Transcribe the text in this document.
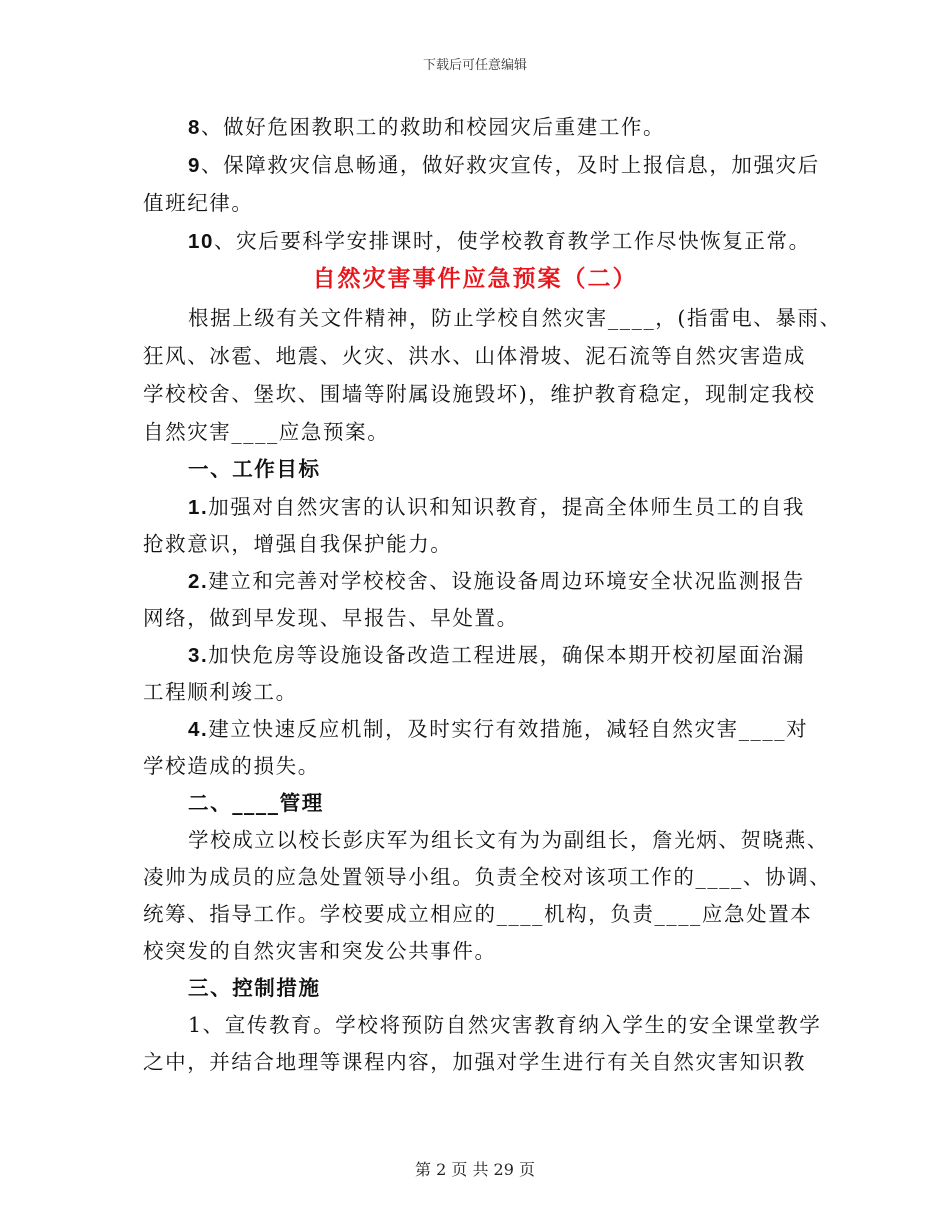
下载后可任意编辑
8、做好危困教职工的救助和校园灾后重建工作。
9、保障救灾信息畅通，做好救灾宣传，及时上报信息，加强灾后
值班纪律。
10、灾后要科学安排课时，使学校教育教学工作尽快恢复正常。
自然灾害事件应急预案（二）
根据上级有关文件精神，防止学校自然灾害____，(指雷电、暴雨、
狂风、冰雹、地震、火灾、洪水、山体滑坡、泥石流等自然灾害造成
学校校舍、堡坎、围墙等附属设施毁坏)，维护教育稳定，现制定我校
自然灾害____应急预案。
一、工作目标
1.加强对自然灾害的认识和知识教育，提高全体师生员工的自我
抢救意识，增强自我保护能力。
2.建立和完善对学校校舍、设施设备周边环境安全状况监测报告
网络，做到早发现、早报告、早处置。
3.加快危房等设施设备改造工程进展，确保本期开校初屋面治漏
工程顺利竣工。
4.建立快速反应机制，及时实行有效措施，减轻自然灾害____对
学校造成的损失。
二、____管理
学校成立以校长彭庆军为组长文有为为副组长，詹光炳、贺晓燕、
凌帅为成员的应急处置领导小组。负责全校对该项工作的____、协调、
统筹、指导工作。学校要成立相应的____机构，负责____应急处置本
校突发的自然灾害和突发公共事件。
三、控制措施
1、宣传教育。学校将预防自然灾害教育纳入学生的安全课堂教学
之中，并结合地理等课程内容，加强对学生进行有关自然灾害知识教
第 2 页 共 29 页
